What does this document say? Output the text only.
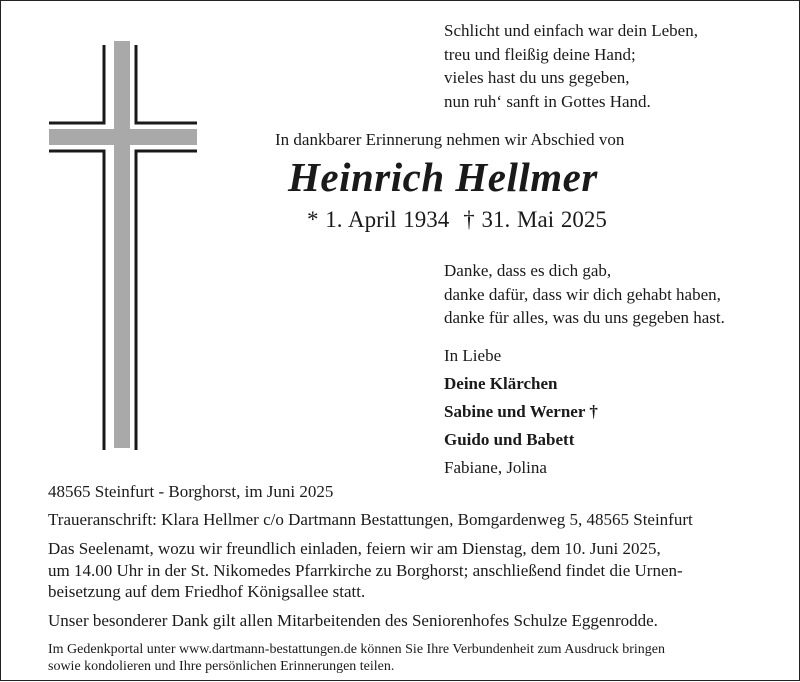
Schlicht und einfach war dein Leben,
treu und fleißig deine Hand;
vieles hast du uns gegeben,
nun ruh‘ sanft in Gottes Hand.
In dankbarer Erinnerung nehmen wir Abschied von
Heinrich Hellmer
* 1. April 1934 † 31. Mai 2025
Danke, dass es dich gab,
danke dafür, dass wir dich gehabt haben,
danke für alles, was du uns gegeben hast.
In Liebe
Deine Klärchen
Sabine und Werner †
Guido und Babett
Fabiane, Jolina
48565 Steinfurt - Borghorst, im Juni 2025
Traueranschrift: Klara Hellmer c/o Dartmann Bestattungen, Bomgardenweg 5, 48565 Steinfurt
Das Seelenamt, wozu wir freundlich einladen, feiern wir am Dienstag, dem 10. Juni 2025,
um 14.00 Uhr in der St. Nikomedes Pfarrkirche zu Borghorst; anschließend findet die Urnen-
beisetzung auf dem Friedhof Königsallee statt.
Unser besonderer Dank gilt allen Mitarbeitenden des Seniorenhofes Schulze Eggenrodde.
Im Gedenkportal unter www.dartmann-bestattungen.de können Sie Ihre Verbundenheit zum Ausdruck bringen
sowie kondolieren und Ihre persönlichen Erinnerungen teilen.
